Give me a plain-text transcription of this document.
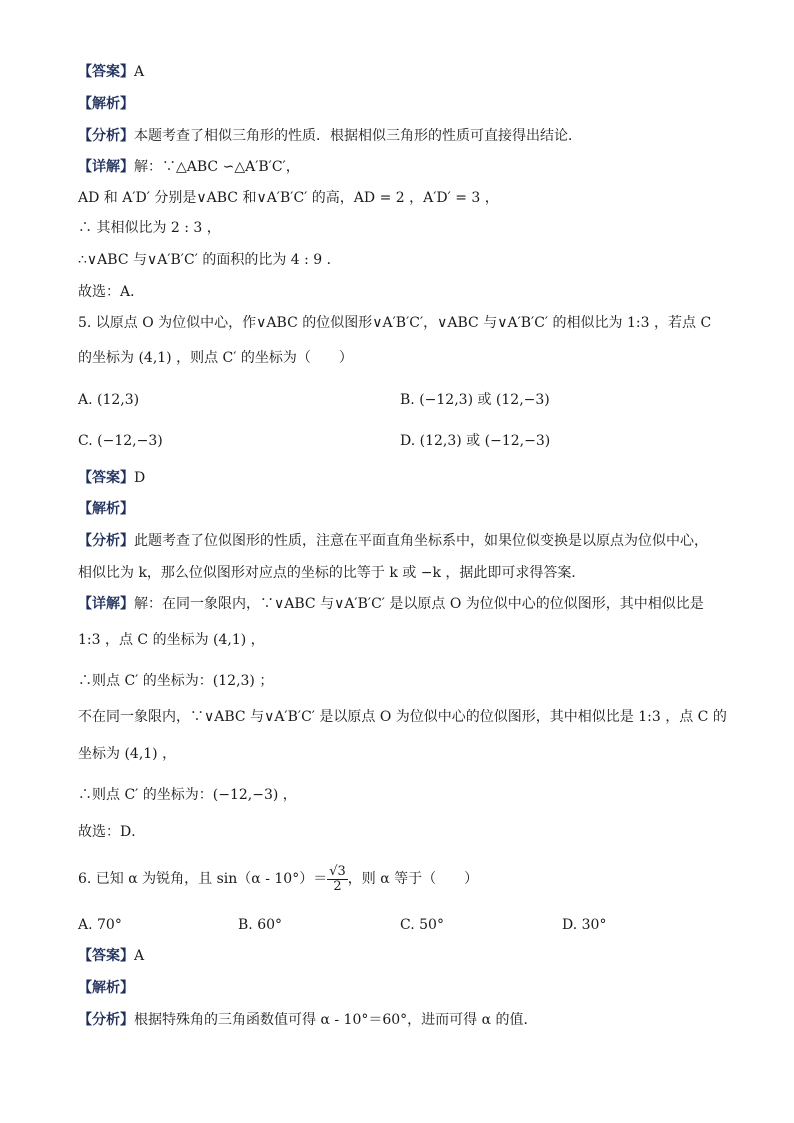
【答案】A
【解析】
【分析】本题考查了相似三角形的性质．根据相似三角形的性质可直接得出结论．
【详解】解：∵△ABC ∽△A′B′C′，
AD 和 A′D′ 分别是∨ABC 和∨A′B′C′ 的高，AD = 2 ，A′D′ = 3 ，
∴ 其相似比为 2 : 3 ，
∴∨ABC 与∨A′B′C′ 的面积的比为 4 : 9 ．
故选：A．
5. 以原点 O 为位似中心，作∨ABC 的位似图形∨A′B′C′，∨ABC 与∨A′B′C′ 的相似比为 1:3 ，若点 C
的坐标为 (4,1) ，则点 C′ 的坐标为（　　）
A. (12,3)	B. (−12,3) 或 (12,−3)
C. (−12,−3)	D. (12,3) 或 (−12,−3)
【答案】D
【解析】
【分析】此题考查了位似图形的性质，注意在平面直角坐标系中，如果位似变换是以原点为位似中心，
相似比为 k，那么位似图形对应点的坐标的比等于 k 或 −k ，据此即可求得答案．
【详解】解：在同一象限内，∵∨ABC 与∨A′B′C′ 是以原点 O 为位似中心的位似图形，其中相似比是
1:3 ，点 C 的坐标为 (4,1) ，
∴则点 C′ 的坐标为：(12,3) ；
不在同一象限内，∵∨ABC 与∨A′B′C′ 是以原点 O 为位似中心的位似图形，其中相似比是 1:3 ，点 C 的
坐标为 (4,1) ，
∴则点 C′ 的坐标为：(−12,−3) ，
故选：D．
6. 已知 α 为锐角，且 $\sin(\alpha - 10^\circ)= \frac{√3}{2}$ ，则 α 等于（　　）
A. 70°	B. 60°	C. 50°	D. 30°
【答案】A
【解析】
【分析】根据特殊角的三角函数值可得 α - 10°＝60°，进而可得 α 的值．
